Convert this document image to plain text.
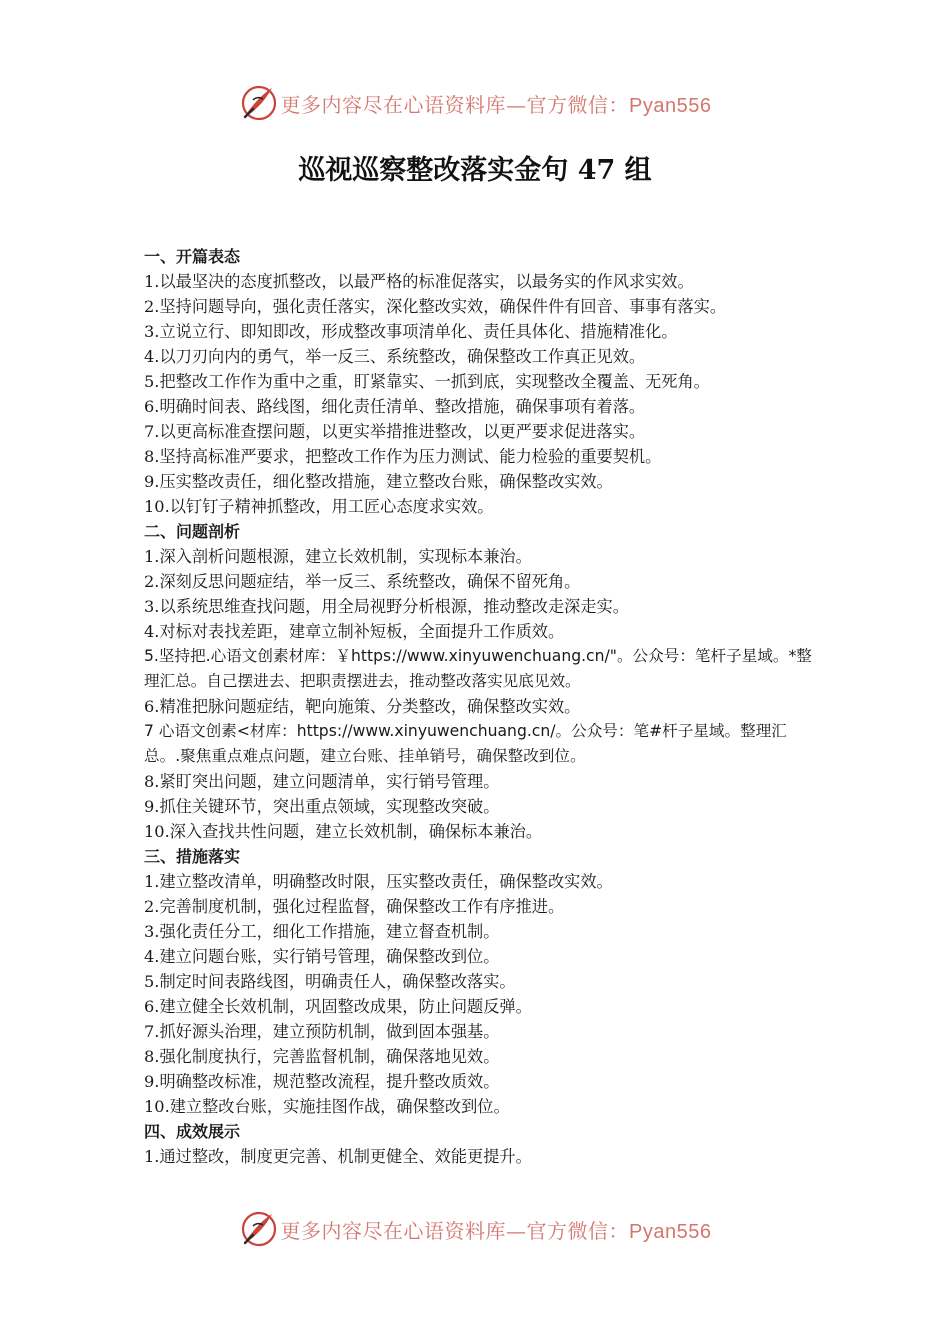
更多内容尽在心语资料库—官方微信：Pyan556
巡视巡察整改落实金句 47 组
一、开篇表态
1.以最坚决的态度抓整改，以最严格的标准促落实，以最务实的作风求实效。
2.坚持问题导向，强化责任落实，深化整改实效，确保件件有回音、事事有落实。
3.立说立行、即知即改，形成整改事项清单化、责任具体化、措施精准化。
4.以刀刃向内的勇气，举一反三、系统整改，确保整改工作真正见效。
5.把整改工作作为重中之重，盯紧靠实、一抓到底，实现整改全覆盖、无死角。
6.明确时间表、路线图，细化责任清单、整改措施，确保事项有着落。
7.以更高标准查摆问题，以更实举措推进整改，以更严要求促进落实。
8.坚持高标准严要求，把整改工作作为压力测试、能力检验的重要契机。
9.压实整改责任，细化整改措施，建立整改台账，确保整改实效。
10.以钉钉子精神抓整改，用工匠心态度求实效。
二、问题剖析
1.深入剖析问题根源，建立长效机制，实现标本兼治。
2.深刻反思问题症结，举一反三、系统整改，确保不留死角。
3.以系统思维查找问题，用全局视野分析根源，推动整改走深走实。
4.对标对表找差距，建章立制补短板，全面提升工作质效。
5.坚持把.心语文创素材库：￥https://www.xinyuwenchuang.cn/"。公众号：笔杆子星域。*整理汇总。自己摆进去、把职责摆进去，推动整改落实见底见效。
6.精准把脉问题症结，靶向施策、分类整改，确保整改实效。
7 心语文创素<材库：https://www.xinyuwenchuang.cn/。公众号：笔#杆子星域。整理汇总。.聚焦重点难点问题，建立台账、挂单销号，确保整改到位。
8.紧盯突出问题，建立问题清单，实行销号管理。
9.抓住关键环节，突出重点领域，实现整改突破。
10.深入查找共性问题，建立长效机制，确保标本兼治。
三、措施落实
1.建立整改清单，明确整改时限，压实整改责任，确保整改实效。
2.完善制度机制，强化过程监督，确保整改工作有序推进。
3.强化责任分工，细化工作措施，建立督查机制。
4.建立问题台账，实行销号管理，确保整改到位。
5.制定时间表路线图，明确责任人，确保整改落实。
6.建立健全长效机制，巩固整改成果，防止问题反弹。
7.抓好源头治理，建立预防机制，做到固本强基。
8.强化制度执行，完善监督机制，确保落地见效。
9.明确整改标准，规范整改流程，提升整改质效。
10.建立整改台账，实施挂图作战，确保整改到位。
四、成效展示
1.通过整改，制度更完善、机制更健全、效能更提升。
更多内容尽在心语资料库—官方微信：Pyan556
